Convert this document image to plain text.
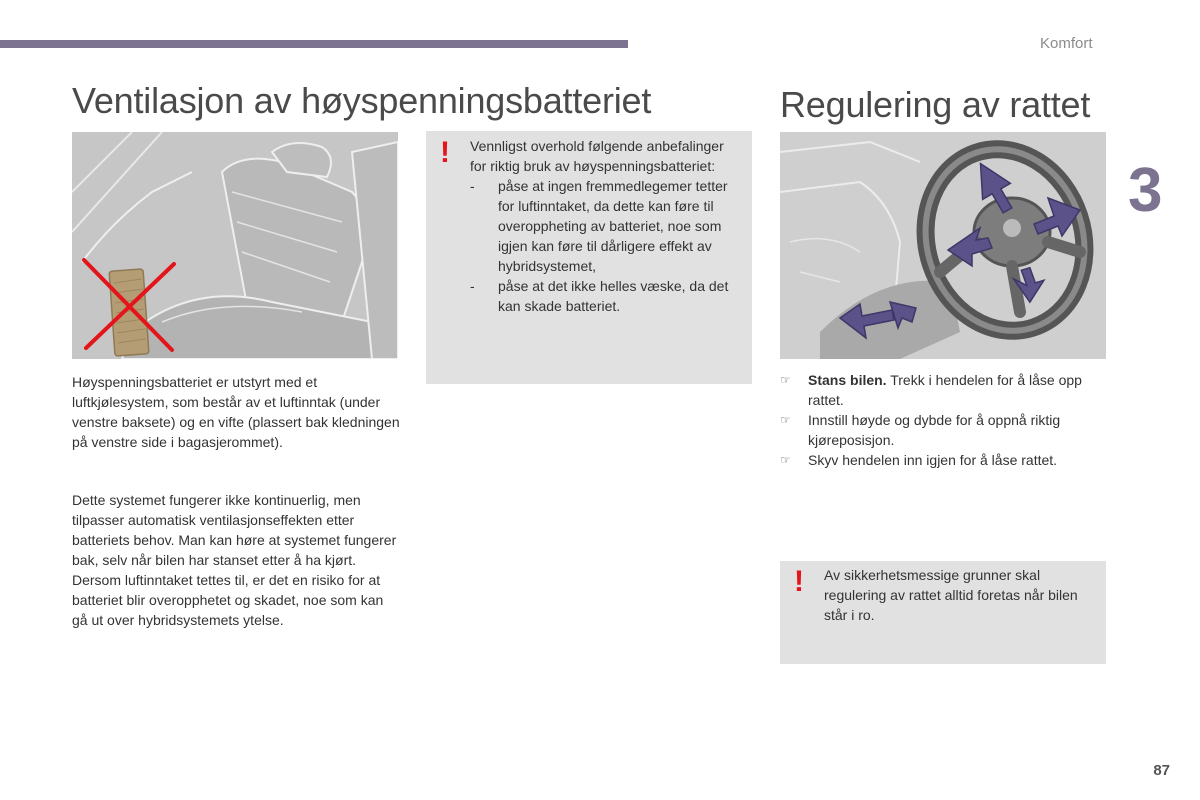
Komfort
3
Ventilasjon av høyspenningsbatteriet

Høyspenningsbatteriet er utstyrt med et luftkjølesystem, som består av et luftinntak (under venstre baksete) og en vifte (plassert bak kledningen på venstre side i bagasjerommet).

Dette systemet fungerer ikke kontinuerlig, men tilpasser automatisk ventilasjonseffekten etter batteriets behov. Man kan høre at systemet fungerer bak, selv når bilen har stanset etter å ha kjørt. Dersom luftinntaket tettes til, er det en risiko for at batteriet blir overopphetet og skadet, noe som kan gå ut over hybridsystemets ytelse.

! Vennligst overhold følgende anbefalinger for riktig bruk av høyspenningsbatteriet:

- påse at ingen fremmedlegemer tetter for luftinntaket, da dette kan føre til overoppheting av batteriet, noe som igjen kan føre til dårligere effekt av hybridsystemet,
- påse at det ikke helles væske, da det kan skade batteriet.
Regulering av rattet
☞ Stans bilen. Trekk i hendelen for å låse opp rattet.
☞ Innstill høyde og dybde for å oppnå riktig kjøreposisjon.
☞ Skyv hendelen inn igjen for å låse rattet.
! Av sikkerhetsmessige grunner skal regulering av rattet alltid foretas når bilen står i ro.

87
